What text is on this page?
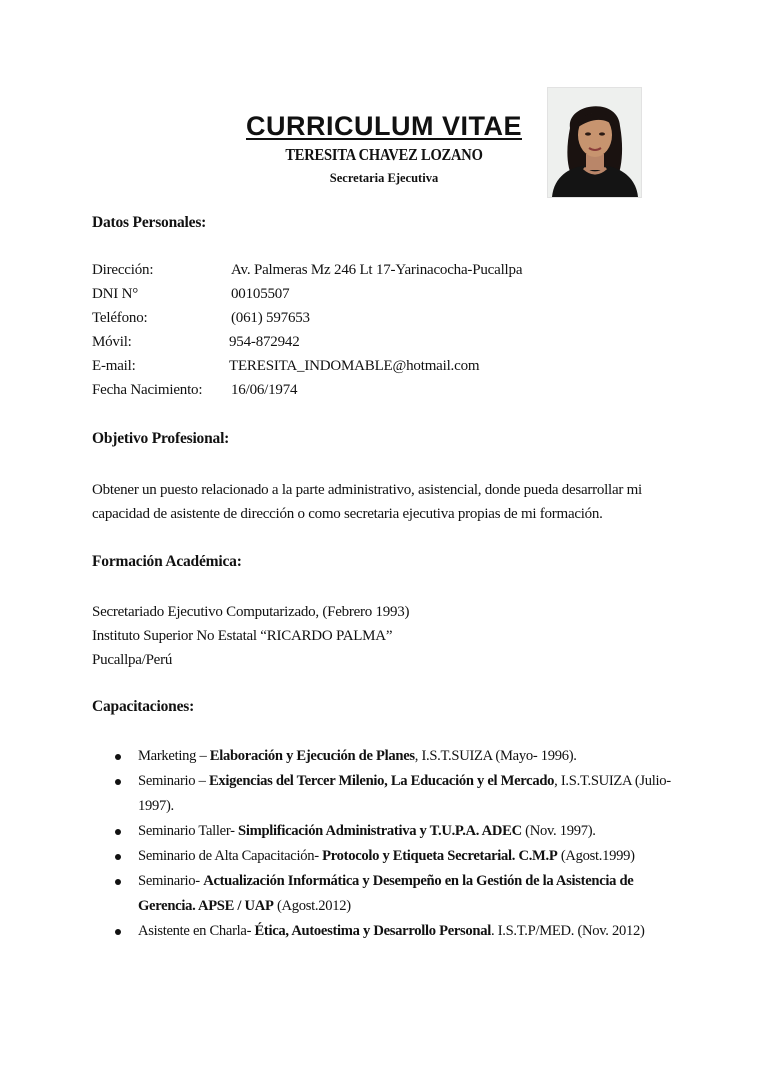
CURRICULUM VITAE
TERESITA CHAVEZ LOZANO
Secretaria Ejecutiva
Datos Personales:
Dirección:	Av. Palmeras Mz 246 Lt 17-Yarinacocha-Pucallpa
DNI N°	00105507
Teléfono:	(061) 597653
Móvil:	954-872942
E-mail:	TERESITA_INDOMABLE@hotmail.com
Fecha Nacimiento: 16/06/1974
Objetivo Profesional:
Obtener un puesto relacionado a la parte administrativo, asistencial, donde pueda desarrollar mi
capacidad de asistente de dirección o como secretaria ejecutiva propias de mi formación.
Formación Académica:
Secretariado Ejecutivo Computarizado, (Febrero 1993)
Instituto Superior No Estatal “RICARDO PALMA”
Pucallpa/Perú
Capacitaciones:
Marketing – Elaboración y Ejecución de Planes, I.S.T.SUIZA (Mayo- 1996).
Seminario – Exigencias del Tercer Milenio, La Educación y el Mercado, I.S.T.SUIZA (Julio-1997).
Seminario Taller- Simplificación Administrativa y T.U.P.A. ADEC (Nov. 1997).
Seminario de Alta Capacitación- Protocolo y Etiqueta Secretarial. C.M.P (Agost.1999)
Seminario- Actualización Informática y Desempeño en la Gestión de la Asistencia de Gerencia. APSE / UAP (Agost.2012)
Asistente en Charla- Ética, Autoestima y Desarrollo Personal. I.S.T.P/MED. (Nov. 2012)
